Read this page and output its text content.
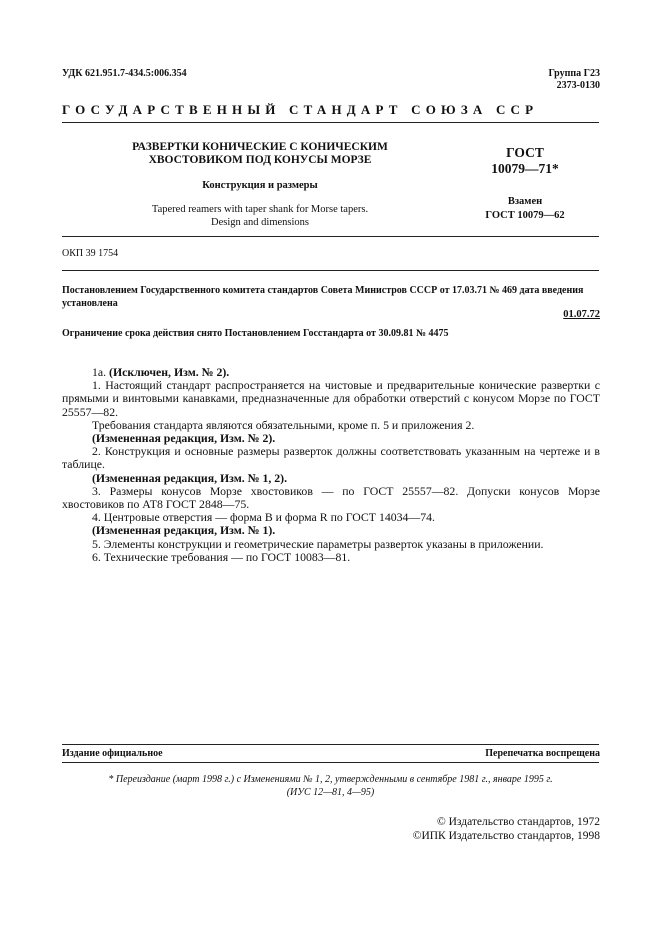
УДК 621.951.7-434.5:006.354	Группа Г23
2373-0130
ГОСУДАРСТВЕННЫЙ СТАНДАРТ СОЮЗА ССР
РАЗВЕРТКИ КОНИЧЕСКИЕ С КОНИЧЕСКИМ
ХВОСТОВИКОМ ПОД КОНУСЫ МОРЗЕ
Конструкция и размеры
Tapered reamers with taper shank for Morse tapers.
Design and dimensions
ГОСТ
10079—71*
Взамен
ГОСТ 10079—62
ОКП 39 1754
Постановлением Государственного комитета стандартов Совета Министров СССР от 17.03.71 № 469 дата введения установлена
01.07.72
Ограничение срока действия снято Постановлением Госстандарта от 30.09.81 № 4475

1а. (Исключен, Изм. № 2).

1. Настоящий стандарт распространяется на чистовые и предварительные конические развертки с прямыми и винтовыми канавками, предназначенные для обработки отверстий с конусом Морзе по ГОСТ 25557—82.

Требования стандарта являются обязательными, кроме п. 5 и приложения 2.

(Измененная редакция, Изм. № 2).

2. Конструкция и основные размеры разверток должны соответствовать указанным на чертеже и в таблице.

(Измененная редакция, Изм. № 1, 2).

3. Размеры конусов Морзе хвостовиков — по ГОСТ 25557—82. Допуски конусов Морзе хвостовиков по АТ8 ГОСТ 2848—75.

4. Центровые отверстия — форма В и форма R по ГОСТ 14034—74.

(Измененная редакция, Изм. № 1).

5. Элементы конструкции и геометрические параметры разверток указаны в приложении.

6. Технические требования — по ГОСТ 10083—81.

Издание официальное	Перепечатка воспрещена
* Переиздание (март 1998 г.) с Изменениями № 1, 2, утвержденными в сентябре 1981 г., январе 1995 г.
(ИУС 12—81, 4—95)
© Издательство стандартов, 1972
©ИПК Издательство стандартов, 1998
